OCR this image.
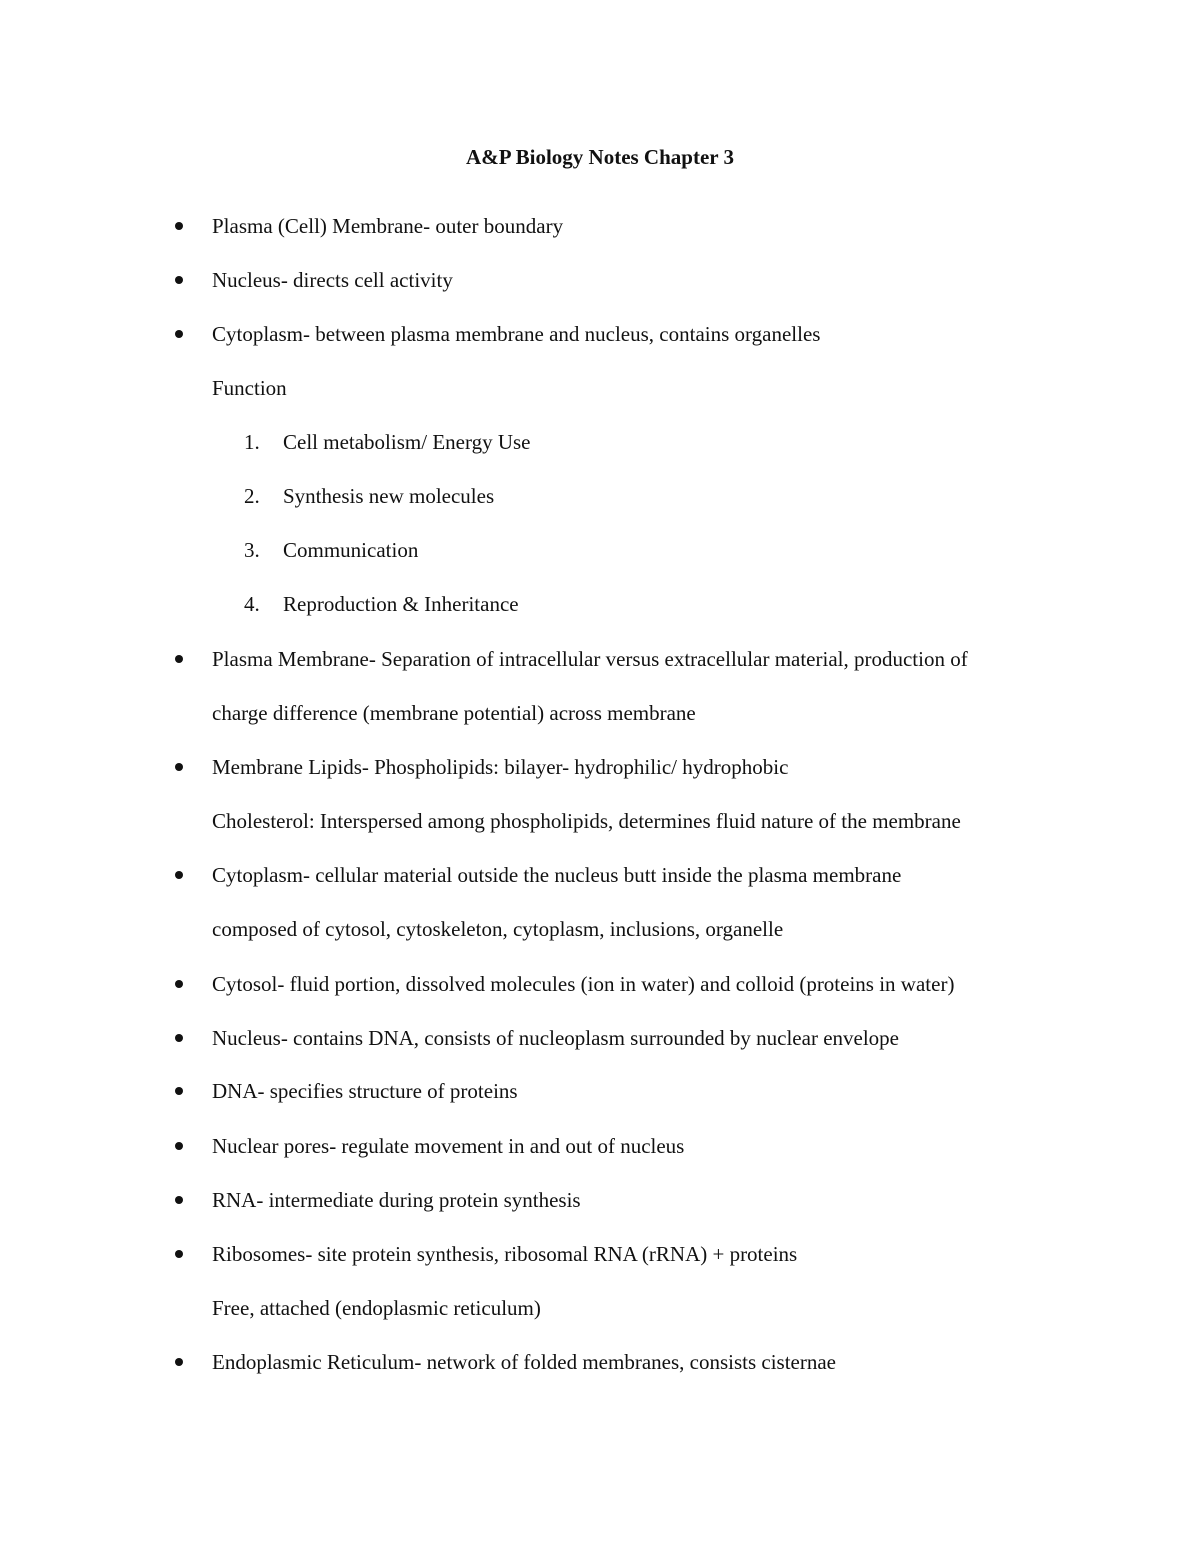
A&P Biology Notes Chapter 3
Plasma (Cell) Membrane- outer boundary
Nucleus- directs cell activity
Cytoplasm- between plasma membrane and nucleus, contains organelles
Function
1. Cell metabolism/ Energy Use
2. Synthesis new molecules
3. Communication
4. Reproduction & Inheritance
Plasma Membrane- Separation of intracellular versus extracellular material, production of
charge difference (membrane potential) across membrane
Membrane Lipids- Phospholipids: bilayer- hydrophilic/ hydrophobic
Cholesterol: Interspersed among phospholipids, determines fluid nature of the membrane
Cytoplasm- cellular material outside the nucleus butt inside the plasma membrane
composed of cytosol, cytoskeleton, cytoplasm, inclusions, organelle
Cytosol- fluid portion, dissolved molecules (ion in water) and colloid (proteins in water)
Nucleus- contains DNA, consists of nucleoplasm surrounded by nuclear envelope
DNA- specifies structure of proteins
Nuclear pores- regulate movement in and out of nucleus
RNA- intermediate during protein synthesis
Ribosomes- site protein synthesis, ribosomal RNA (rRNA) + proteins
Free, attached (endoplasmic reticulum)
Endoplasmic Reticulum- network of folded membranes, consists cisternae
